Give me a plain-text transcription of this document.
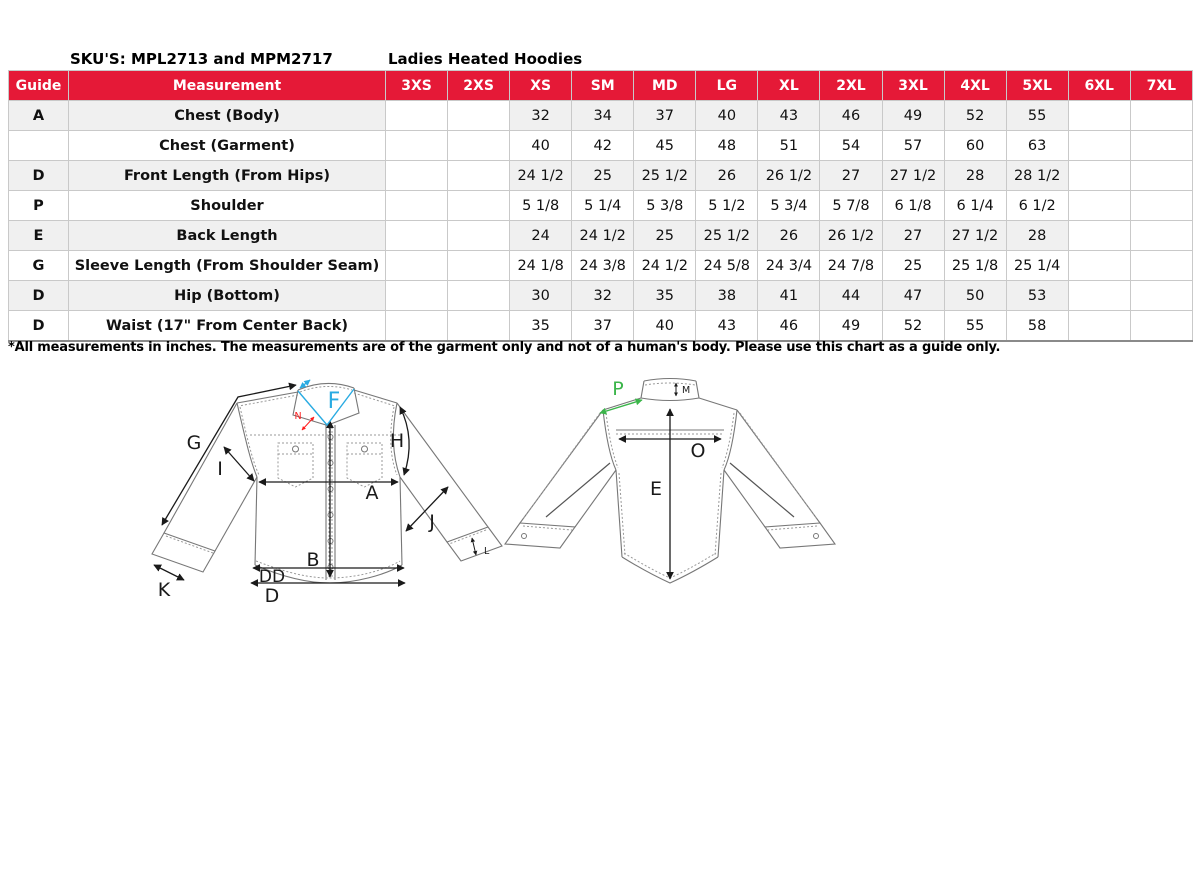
SKU'S: MPL2713 and MPM2717	Ladies Heated Hoodies
Guide	Measurement	3XS	2XS	XS	SM	MD	LG	XL	2XL	3XL	4XL	5XL	6XL	7XL
A	Chest (Body)			32	34	37	40	43	46	49	52	55		
	Chest (Garment)			40	42	45	48	51	54	57	60	63		
D	Front Length (From Hips)			24 1/2	25	25 1/2	26	26 1/2	27	27 1/2	28	28 1/2		
P	Shoulder			5 1/8	5 1/4	5 3/8	5 1/2	5 3/4	5 7/8	6 1/8	6 1/4	6 1/2		
E	Back Length			24	24 1/2	25	25 1/2	26	26 1/2	27	27 1/2	28		
G	Sleeve Length (From Shoulder Seam)			24 1/8	24 3/8	24 1/2	24 5/8	24 3/4	24 7/8	25	25 1/8	25 1/4		
D	Hip (Bottom)			30	32	35	38	41	44	47	50	53		
D	Waist (17" From Center Back)			35	37	40	43	46	49	52	55	58		
*All measurements in inches. The measurements are of the garment only and not of a human's body. Please use this chart as a guide only.
G
I
K
F
N
H
A
J
L
B
DD
D
P	M
O
E
